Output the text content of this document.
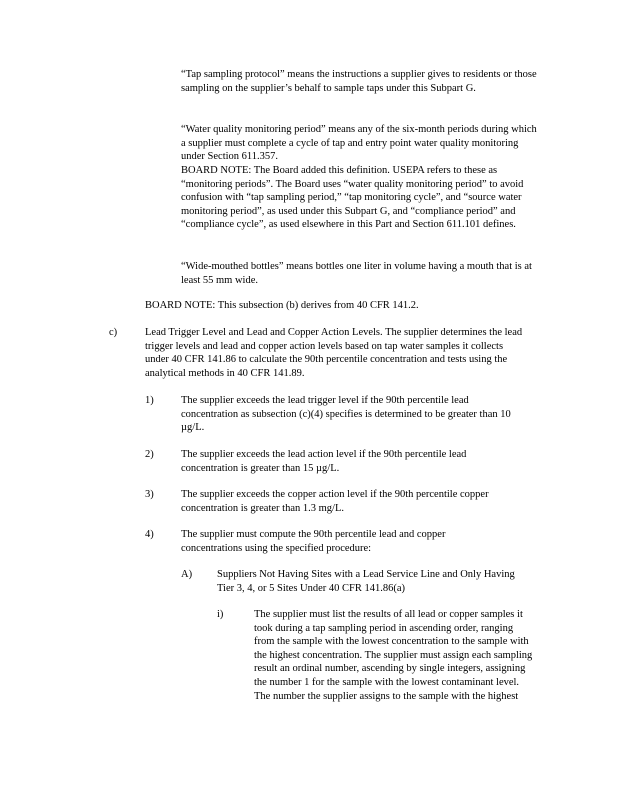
“Tap sampling protocol” means the instructions a supplier gives to residents or those sampling on the supplier’s behalf to sample taps under this Subpart G.

“Water quality monitoring period” means any of the six-month periods during which a supplier must complete a cycle of tap and entry point water quality monitoring under Section 611.357.

BOARD NOTE: The Board added this definition. USEPA refers to these as “monitoring periods”. The Board uses “water quality monitoring period” to avoid confusion with “tap sampling period,” “tap monitoring cycle”, and “source water monitoring period”, as used under this Subpart G, and “compliance period” and “compliance cycle”, as used elsewhere in this Part and Section 611.101 defines.

“Wide-mouthed bottles” means bottles one liter in volume having a mouth that is at least 55 mm wide.

BOARD NOTE: This subsection (b) derives from 40 CFR 141.2.

c)	Lead Trigger Level and Lead and Copper Action Levels. The supplier determines the lead trigger levels and lead and copper action levels based on tap water samples it collects under 40 CFR 141.86 to calculate the 90th percentile concentration and tests using the analytical methods in 40 CFR 141.89.

1)	The supplier exceeds the lead trigger level if the 90th percentile lead concentration as subsection (c)(4) specifies is determined to be greater than 10 µg/L.

2)	The supplier exceeds the lead action level if the 90th percentile lead concentration is greater than 15 µg/L.

3)	The supplier exceeds the copper action level if the 90th percentile copper concentration is greater than 1.3 mg/L.

4)	The supplier must compute the 90th percentile lead and copper concentrations using the specified procedure:

A) Suppliers Not Having Sites with a Lead Service Line and Only Having Tier 3, 4, or 5 Sites Under 40 CFR 141.86(a)

i)	The supplier must list the results of all lead or copper samples it took during a tap sampling period in ascending order, ranging from the sample with the lowest concentration to the sample with the highest concentration. The supplier must assign each sampling result an ordinal number, ascending by single integers, assigning the number 1 for the sample with the lowest contaminant level. The number the supplier assigns to the sample with the highest
